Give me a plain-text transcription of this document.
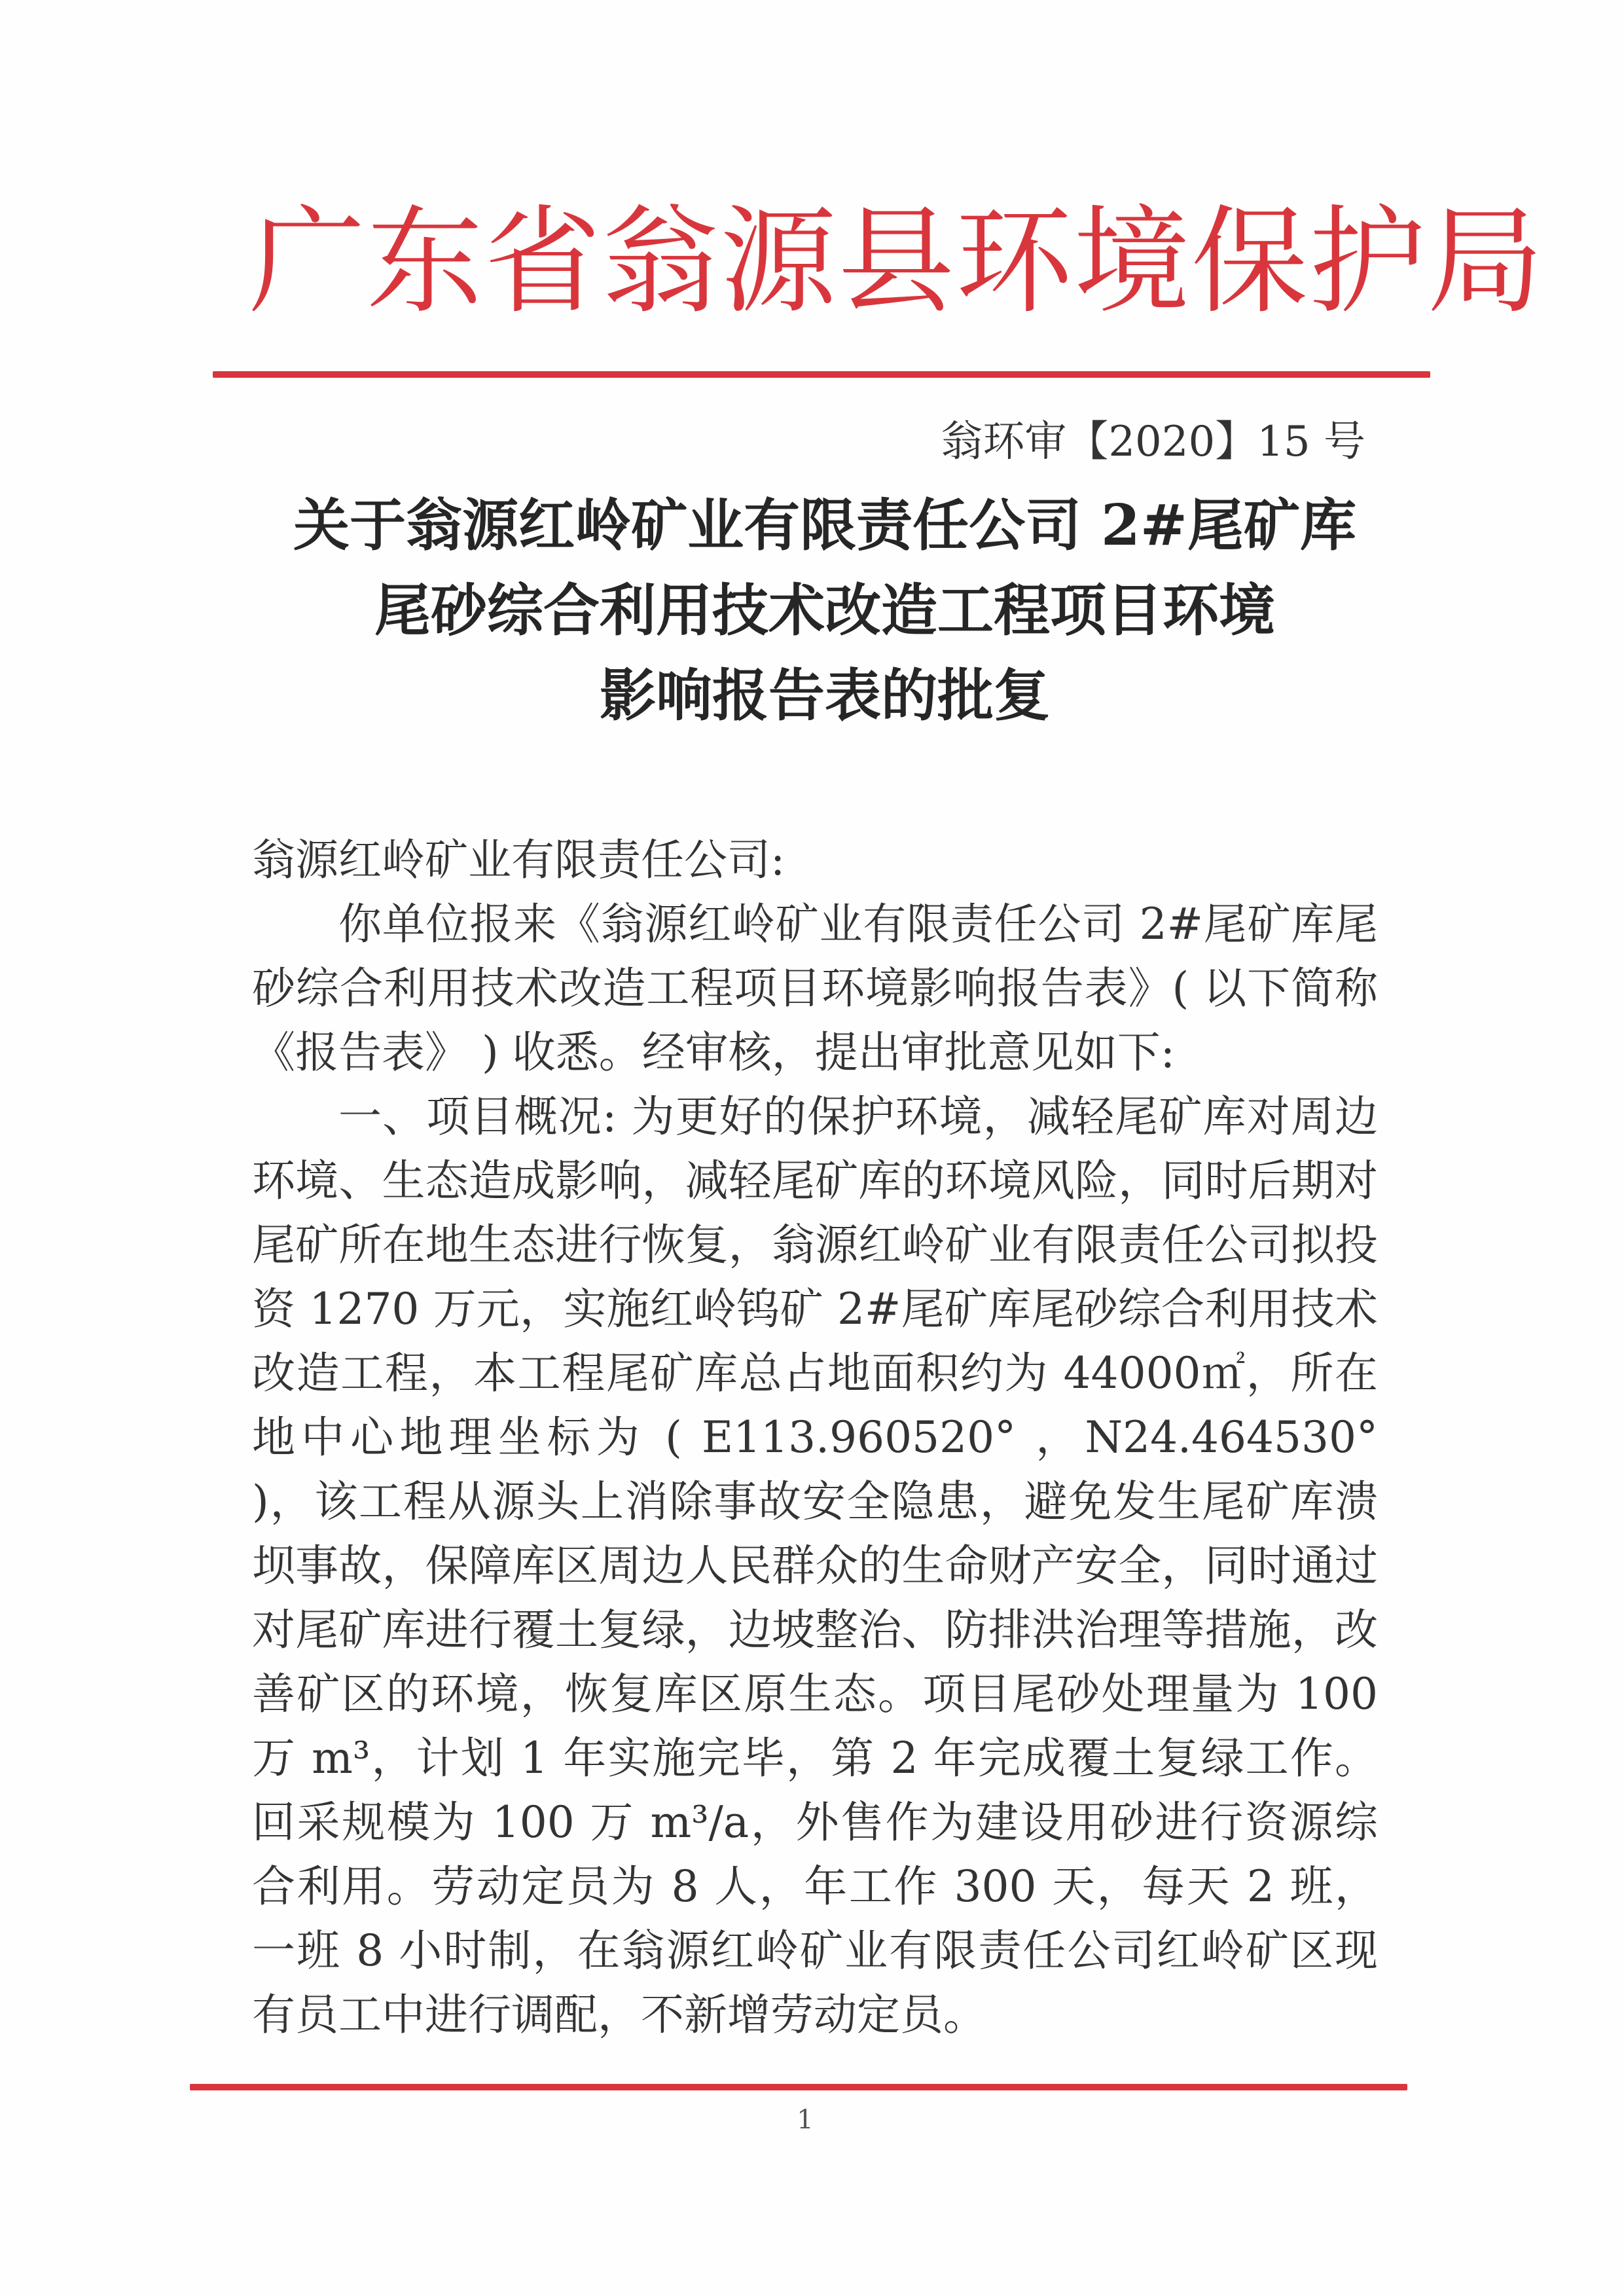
广东省翁源县环境保护局
翁环审【2020】15 号
关于翁源红岭矿业有限责任公司 2#尾矿库
尾砂综合利用技术改造工程项目环境
影响报告表的批复
翁源红岭矿业有限责任公司:

你单位报来《翁源红岭矿业有限责任公司 2#尾矿库尾砂综合利用技术改造工程项目环境影响报告表》( 以下简称《报告表》 ) 收悉。经审核，提出审批意见如下:

一、项目概况: 为更好的保护环境，减轻尾矿库对周边环境、生态造成影响，减轻尾矿库的环境风险，同时后期对尾矿所在地生态进行恢复，翁源红岭矿业有限责任公司拟投资 1270 万元，实施红岭钨矿 2#尾矿库尾砂综合利用技术改造工程，本工程尾矿库总占地面积约为 44000㎡，所在地中心地理坐标为 ( E113.960520° ，N24.464530° )，该工程从源头上消除事故安全隐患，避免发生尾矿库溃坝事故，保障库区周边人民群众的生命财产安全，同时通过对尾矿库进行覆土复绿，边坡整治、防排洪治理等措施，改善矿区的环境，恢复库区原生态。项目尾砂处理量为 100 万 m³，计划 1 年实施完毕，第 2 年完成覆土复绿工作。回采规模为 100 万 m³/a，外售作为建设用砂进行资源综合利用。劳动定员为 8 人，年工作 300 天，每天 2 班，一班 8 小时制，在翁源红岭矿业有限责任公司红岭矿区现有员工中进行调配，不新增劳动定员。

1
